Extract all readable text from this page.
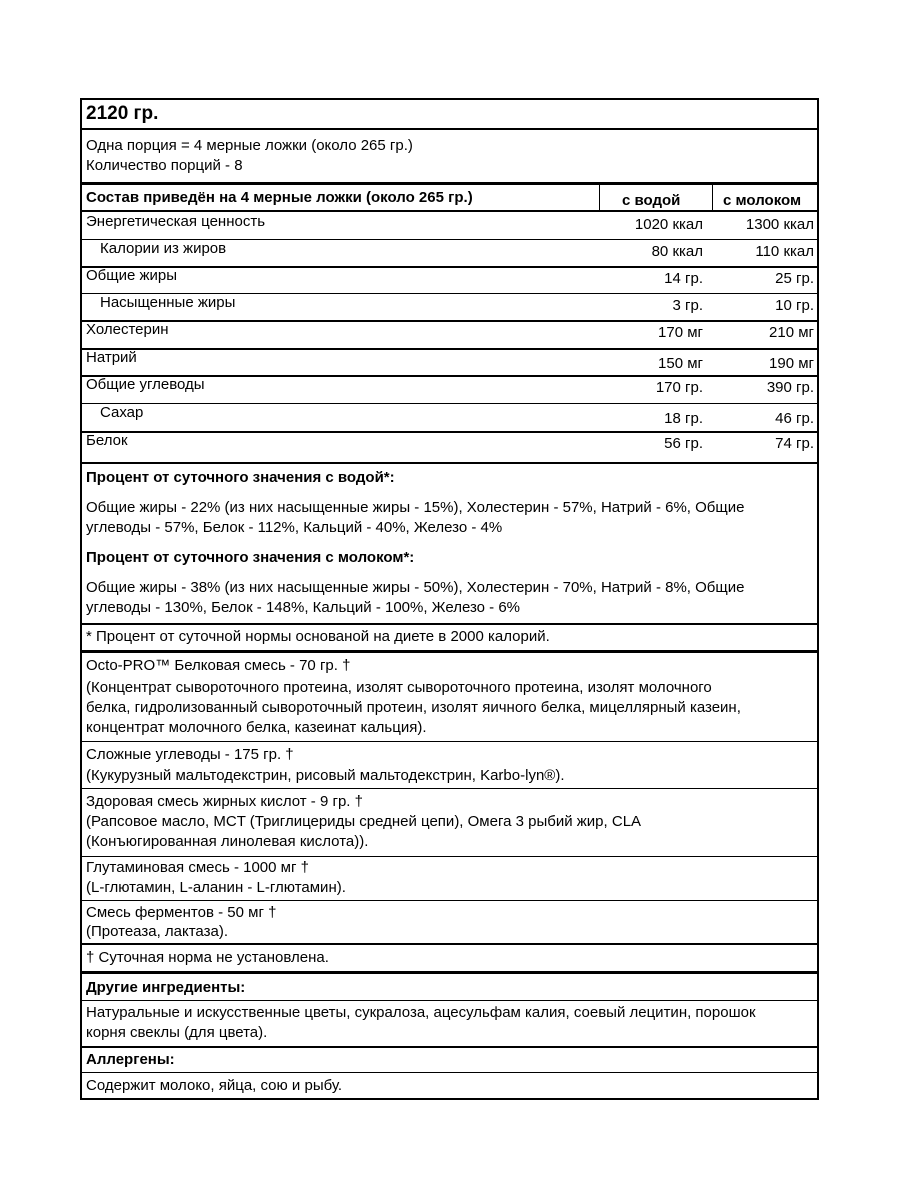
2120 гр.
Одна порция = 4 мерные ложки (около 265 гр.)
Количество порций - 8
Состав приведён на 4 мерные ложки (около 265 гр.)	с водой	с молоком
Энергетическая ценность	1020 ккал	1300 ккал
Калории из жиров	80 ккал	110 ккал
Общие жиры	14 гр.	25 гр.
Насыщенные жиры	3 гр.	10 гр.
Холестерин	170 мг	210 мг
Натрий	150 мг	190 мг
Общие углеводы	170 гр.	390 гр.
Сахар	18 гр.	46 гр.
Белок	56 гр.	74 гр.
Процент от суточного значения с водой*:
Общие жиры - 22% (из них насыщенные жиры - 15%), Холестерин - 57%, Натрий - 6%, Общие
углеводы - 57%, Белок - 112%, Кальций - 40%, Железо - 4%
Процент от суточного значения с молоком*:
Общие жиры - 38% (из них насыщенные жиры - 50%), Холестерин - 70%, Натрий - 8%, Общие
углеводы - 130%, Белок - 148%, Кальций - 100%, Железо - 6%
* Процент от суточной нормы основаной на диете в 2000 калорий.
Octo-PRO™ Белковая смесь - 70 гр. †
(Концентрат сывороточного протеина, изолят сывороточного протеина, изолят молочного
белка, гидролизованный сывороточный протеин, изолят яичного белка, мицеллярный казеин,
концентрат молочного белка, казеинат кальция).
Сложные углеводы - 175 гр. †
(Кукурузный мальтодекстрин, рисовый мальтодекстрин, Karbo-lyn®).
Здоровая смесь жирных кислот - 9 гр. †
(Рапсовое масло, MCT (Триглицериды средней цепи), Омега 3 рыбий жир, CLA
(Конъюгированная линолевая кислота)).
Глутаминовая смесь - 1000 мг †
(L-глютамин, L-аланин - L-глютамин).
Смесь ферментов - 50 мг †
(Протеаза, лактаза).
† Суточная норма не установлена.
Другие ингредиенты:
Натуральные и искусственные цветы, сукралоза, ацесульфам калия, соевый лецитин, порошок
корня свеклы (для цвета).
Аллергены:
Содержит молоко, яйца, сою и рыбу.
